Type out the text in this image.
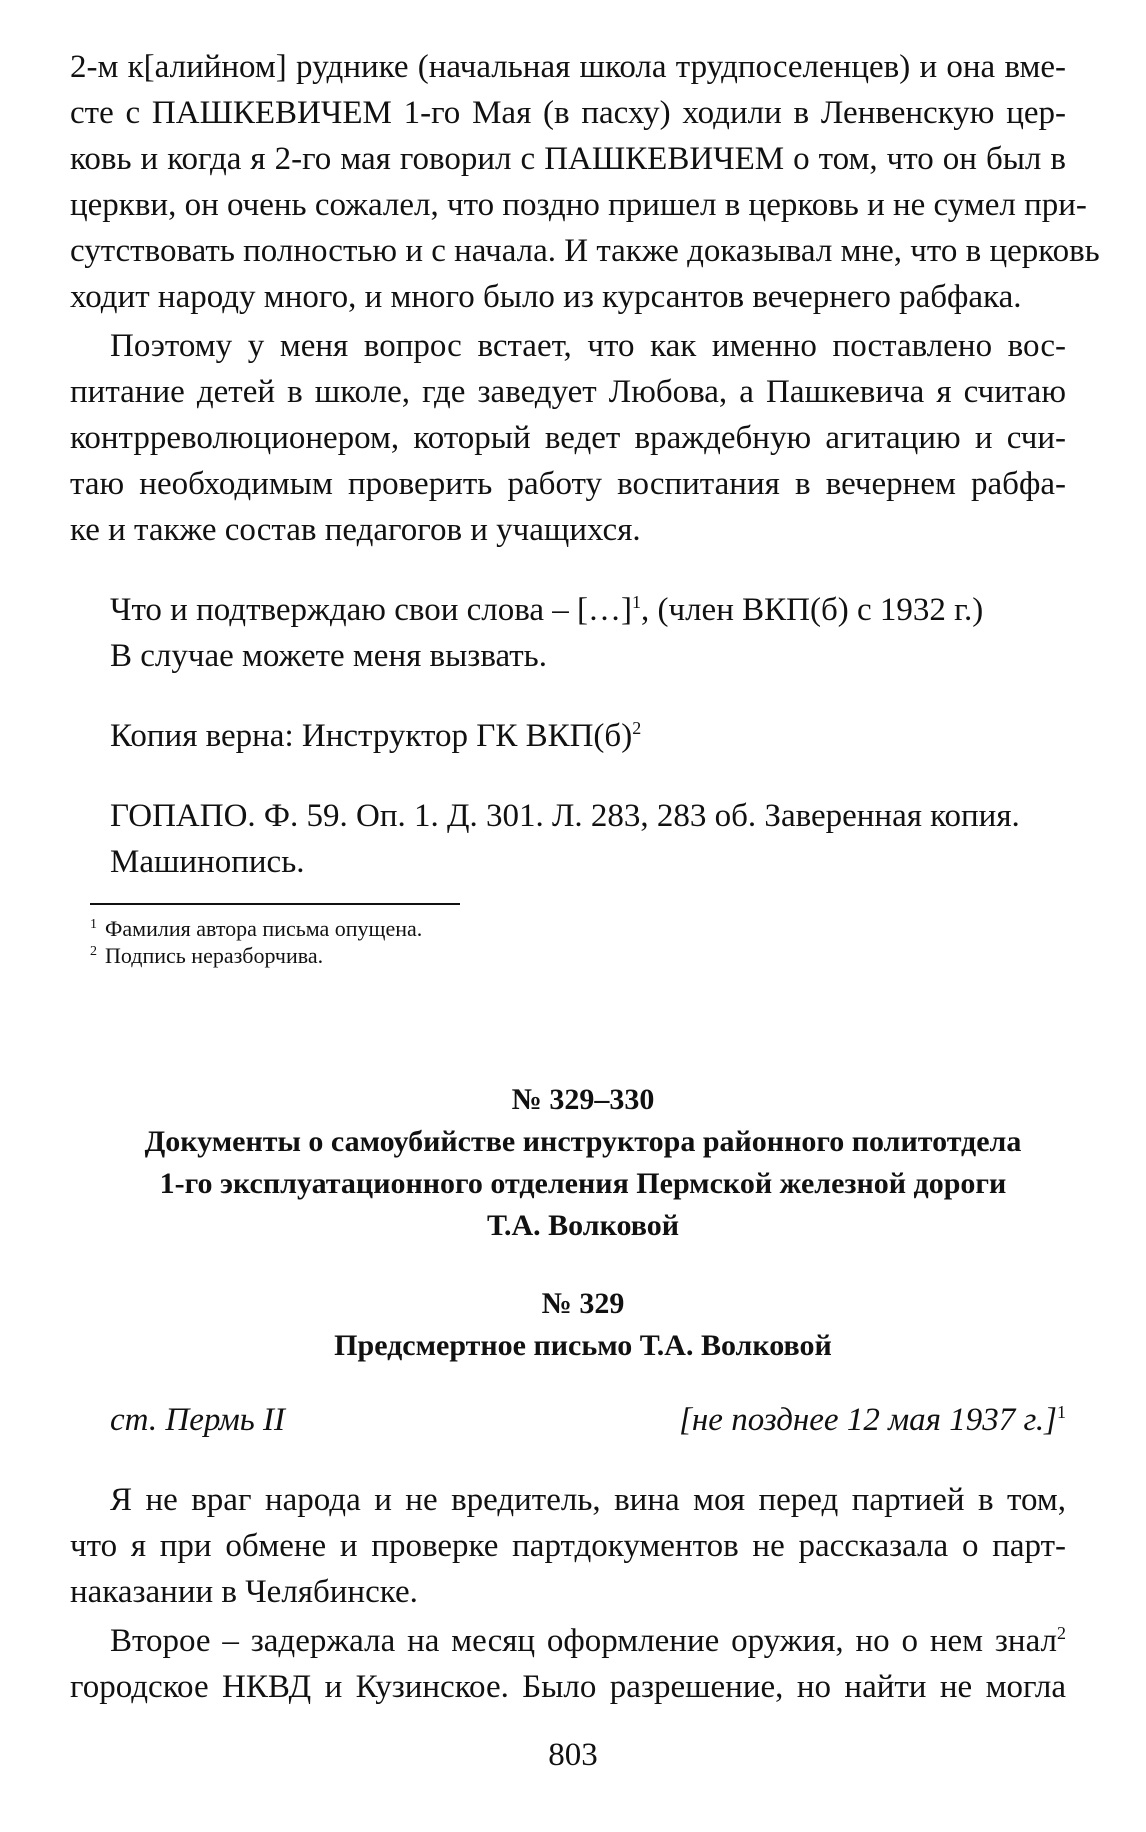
2-м к[алийном] руднике (начальная школа трудпоселенцев) и она вме-
сте с ПАШКЕВИЧЕМ 1-го Мая (в пасху) ходили в Ленвенскую цер-
ковь и когда я 2-го мая говорил с ПАШКЕВИЧЕМ о том, что он был в
церкви, он очень сожалел, что поздно пришел в церковь и не сумел при-
сутствовать полностью и с начала. И также доказывал мне, что в церковь
ходит народу много, и много было из курсантов вечернего рабфака.
Поэтому у меня вопрос встает, что как именно поставлено вос-
питание детей в школе, где заведует Любова, а Пашкевича я считаю
контрреволюционером, который ведет враждебную агитацию и счи-
таю необходимым проверить работу воспитания в вечернем рабфа-
ке и также состав педагогов и учащихся.
Что и подтверждаю свои слова – […]$^1$, (член ВКП(б) с 1932 г.)
В случае можете меня вызвать.
Копия верна: Инструктор ГК $ВКП(б)^2$
ГОПАПО. Ф. 59. Оп. 1. Д. 301. Л. 283, 283 об. Заверенная копия.
Машинопись.
$^1$ Фамилия автора письма опущена.
$^2$ Подпись неразборчива.
№ 329–330
Документы о самоубийстве инструктора районного политотдела
1-го эксплуатационного отделения Пермской железной дороги
Т.А. Волковой
№ 329
Предсмертное письмо Т.А. Волковой
ст. Пермь II	[не позднее 12 мая 1937 г.]$^1$
Я не враг народа и не вредитель, вина моя перед партией в том,
что я при обмене и проверке партдокументов не рассказала о парт-
наказании в Челябинске.
Второе – задержала на месяц оформление оружия, но о нем знал$^2$
городское НКВД и Кузинское. Было разрешение, но найти не могла
803
